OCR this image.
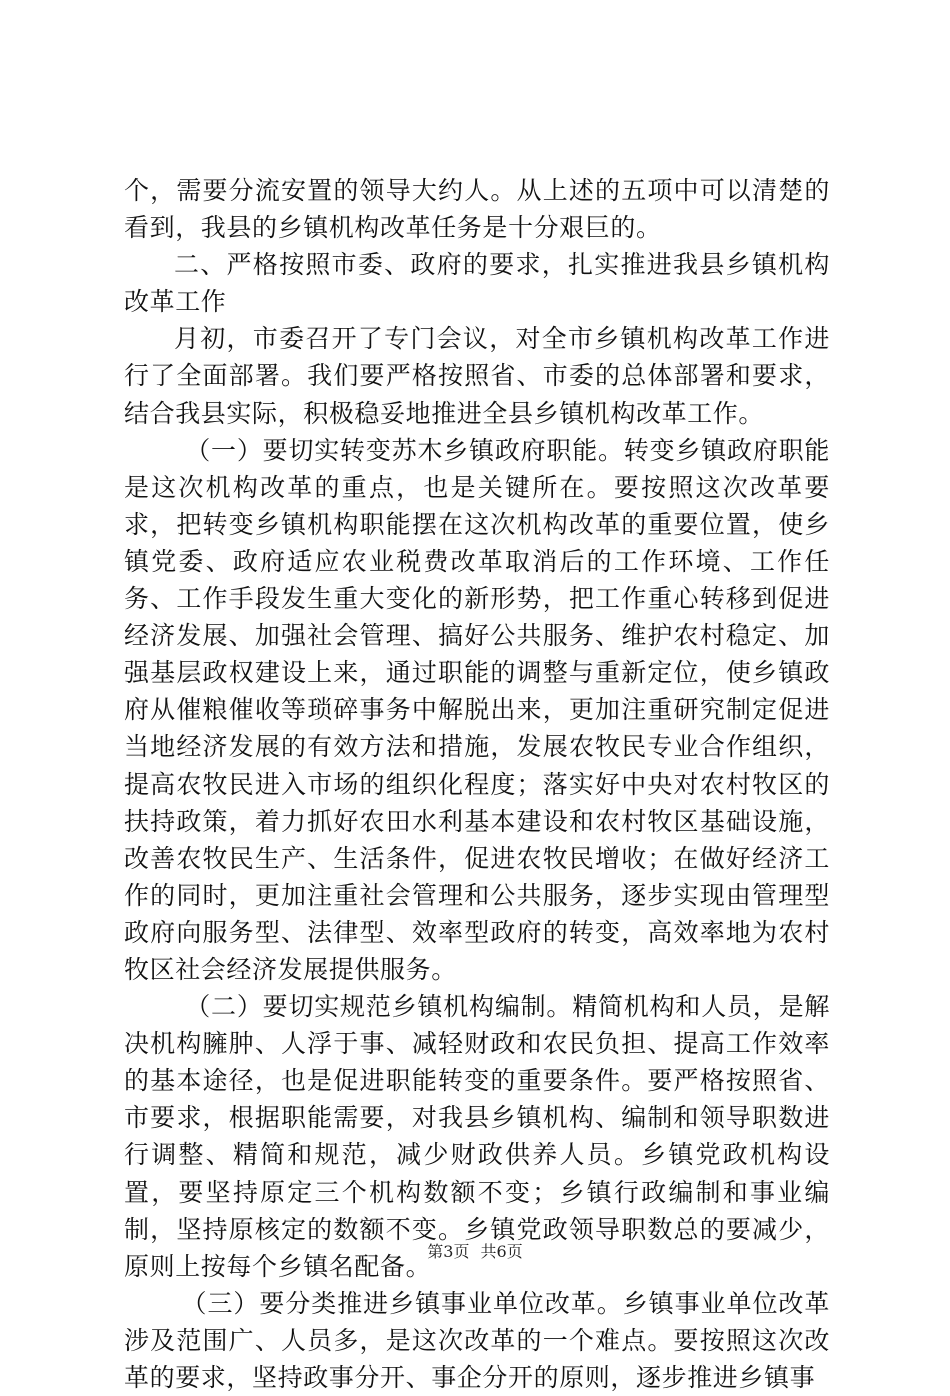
个，需要分流安置的领导大约人。从上述的五项中可以清楚的看到，我县的乡镇机构改革任务是十分艰巨的。

二、严格按照市委、政府的要求，扎实推进我县乡镇机构改革工作

月初，市委召开了专门会议，对全市乡镇机构改革工作进行了全面部署。我们要严格按照省、市委的总体部署和要求，结合我县实际，积极稳妥地推进全县乡镇机构改革工作。

（一）要切实转变苏木乡镇政府职能。转变乡镇政府职能是这次机构改革的重点，也是关键所在。要按照这次改革要求，把转变乡镇机构职能摆在这次机构改革的重要位置，使乡镇党委、政府适应农业税费改革取消后的工作环境、工作任务、工作手段发生重大变化的新形势，把工作重心转移到促进经济发展、加强社会管理、搞好公共服务、维护农村稳定、加强基层政权建设上来，通过职能的调整与重新定位，使乡镇政府从催粮催收等琐碎事务中解脱出来，更加注重研究制定促进当地经济发展的有效方法和措施，发展农牧民专业合作组织，提高农牧民进入市场的组织化程度；落实好中央对农村牧区的扶持政策，着力抓好农田水利基本建设和农村牧区基础设施，改善农牧民生产、生活条件，促进农牧民增收；在做好经济工作的同时，更加注重社会管理和公共服务，逐步实现由管理型政府向服务型、法律型、效率型政府的转变，高效率地为农村牧区社会经济发展提供服务。

（二）要切实规范乡镇机构编制。精简机构和人员，是解决机构臃肿、人浮于事、减轻财政和农民负担、提高工作效率的基本途径，也是促进职能转变的重要条件。要严格按照省、市要求，根据职能需要，对我县乡镇机构、编制和领导职数进行调整、精简和规范，减少财政供养人员。乡镇党政机构设置，要坚持原定三个机构数额不变；乡镇行政编制和事业编制，坚持原核定的数额不变。乡镇党政领导职数总的要减少，原则上按每个乡镇名配备。

（三）要分类推进乡镇事业单位改革。乡镇事业单位改革涉及范围广、人员多，是这次改革的一个难点。要按照这次改革的要求，坚持政事分开、事企分开的原则，逐步推进乡镇事

第3页 共6页
